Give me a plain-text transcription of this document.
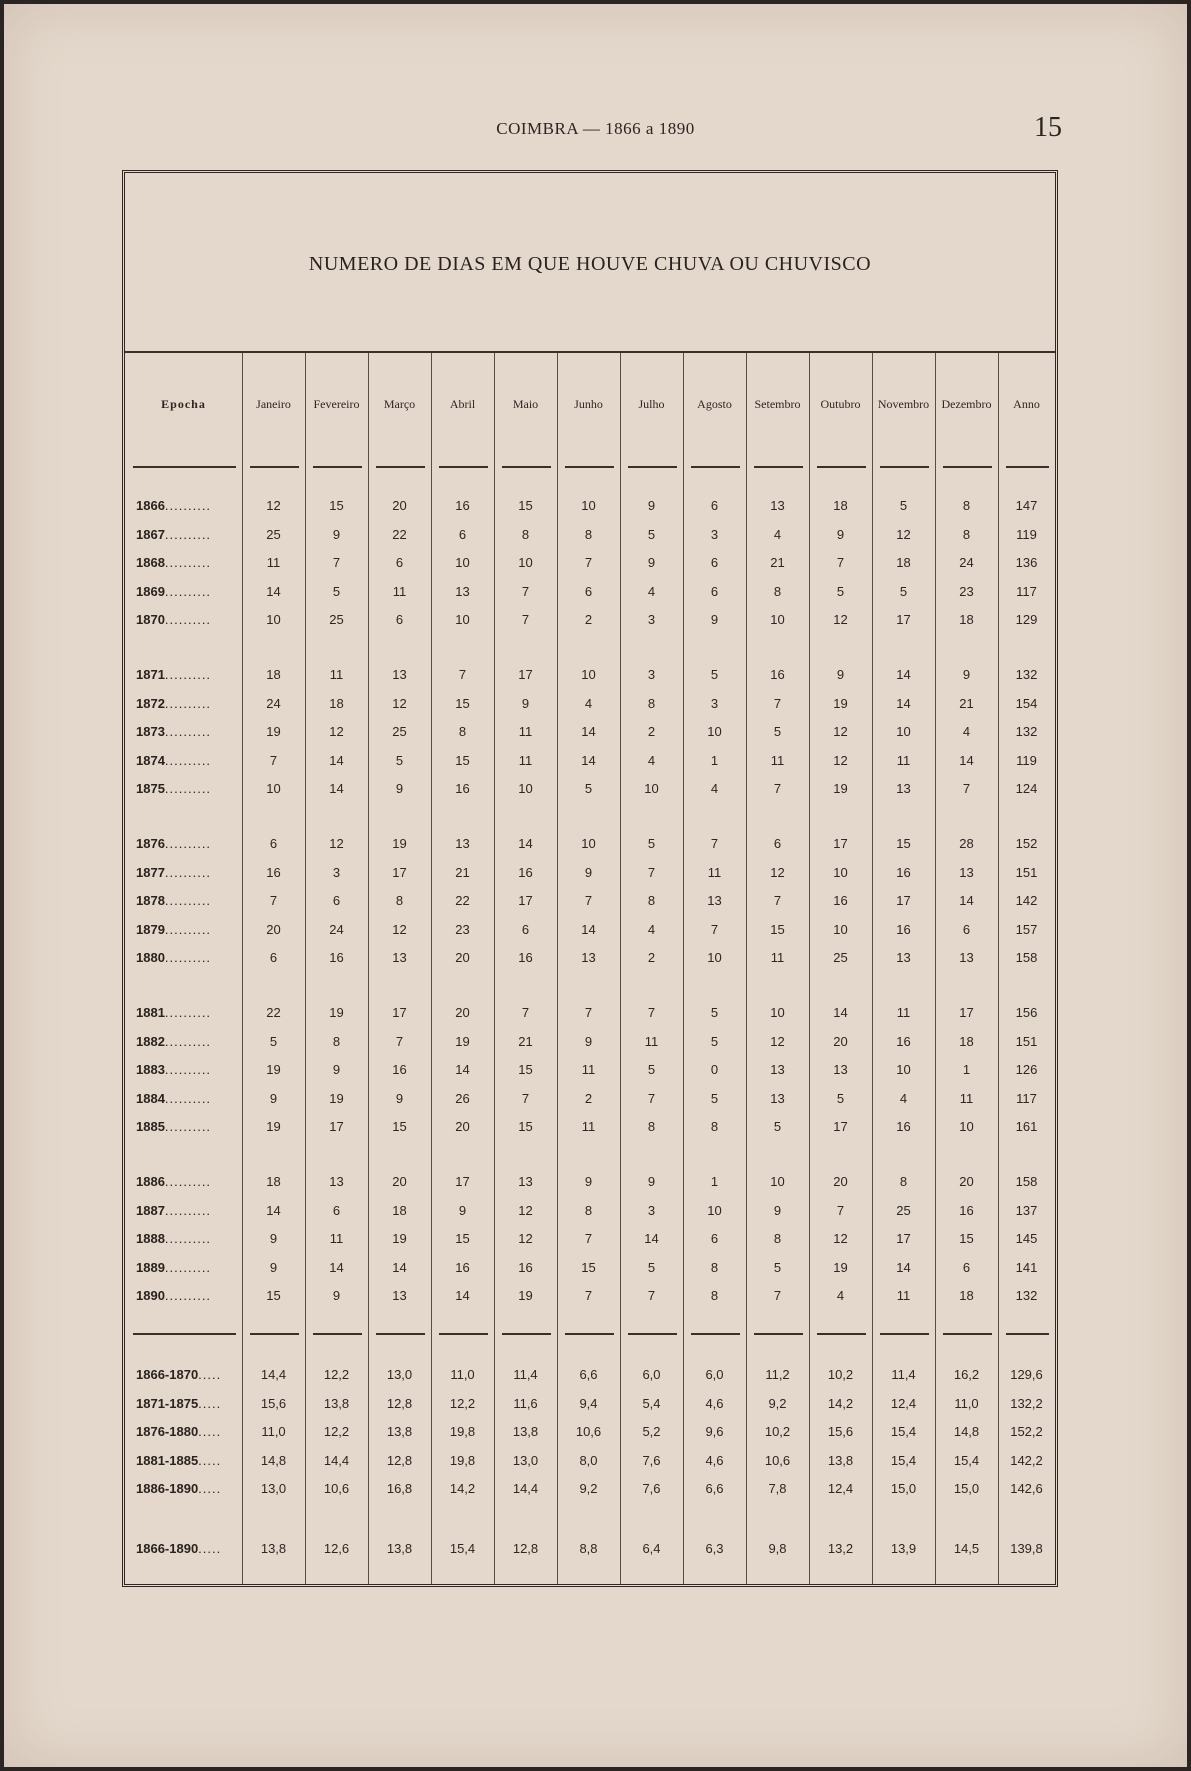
COIMBRA — 1866 a 1890	15
NUMERO DE DIAS EM QUE HOUVE CHUVA OU CHUVISCO
Epocha	Janeiro	Fevereiro	Março	Abril	Maio	Junho	Julho	Agosto	Setembro	Outubro	Novembro	Dezembro	Anno
1866..........	12	15	20	16	15	10	9	6	13	18	5	8	147
1867..........	25	9	22	6	8	8	5	3	4	9	12	8	119
1868..........	11	7	6	10	10	7	9	6	21	7	18	24	136
1869..........	14	5	11	13	7	6	4	6	8	5	5	23	117
1870..........	10	25	6	10	7	2	3	9	10	12	17	18	129
1871..........	18	11	13	7	17	10	3	5	16	9	14	9	132
1872..........	24	18	12	15	9	4	8	3	7	19	14	21	154
1873..........	19	12	25	8	11	14	2	10	5	12	10	4	132
1874..........	7	14	5	15	11	14	4	1	11	12	11	14	119
1875..........	10	14	9	16	10	5	10	4	7	19	13	7	124
1876..........	6	12	19	13	14	10	5	7	6	17	15	28	152
1877..........	16	3	17	21	16	9	7	11	12	10	16	13	151
1878..........	7	6	8	22	17	7	8	13	7	16	17	14	142
1879..........	20	24	12	23	6	14	4	7	15	10	16	6	157
1880..........	6	16	13	20	16	13	2	10	11	25	13	13	158
1881..........	22	19	17	20	7	7	7	5	10	14	11	17	156
1882..........	5	8	7	19	21	9	11	5	12	20	16	18	151
1883..........	19	9	16	14	15	11	5	0	13	13	10	1	126
1884..........	9	19	9	26	7	2	7	5	13	5	4	11	117
1885..........	19	17	15	20	15	11	8	8	5	17	16	10	161
1886..........	18	13	20	17	13	9	9	1	10	20	8	20	158
1887..........	14	6	18	9	12	8	3	10	9	7	25	16	137
1888..........	9	11	19	15	12	7	14	6	8	12	17	15	145
1889..........	9	14	14	16	16	15	5	8	5	19	14	6	141
1890..........	15	9	13	14	19	7	7	8	7	4	11	18	132
1866-1870.....	14,4	12,2	13,0	11,0	11,4	6,6	6,0	6,0	11,2	10,2	11,4	16,2	129,6
1871-1875.....	15,6	13,8	12,8	12,2	11,6	9,4	5,4	4,6	9,2	14,2	12,4	11,0	132,2
1876-1880.....	11,0	12,2	13,8	19,8	13,8	10,6	5,2	9,6	10,2	15,6	15,4	14,8	152,2
1881-1885.....	14,8	14,4	12,8	19,8	13,0	8,0	7,6	4,6	10,6	13,8	15,4	15,4	142,2
1886-1890.....	13,0	10,6	16,8	14,2	14,4	9,2	7,6	6,6	7,8	12,4	15,0	15,0	142,6
1866-1890.....	13,8	12,6	13,8	15,4	12,8	8,8	6,4	6,3	9,8	13,2	13,9	14,5	139,8
